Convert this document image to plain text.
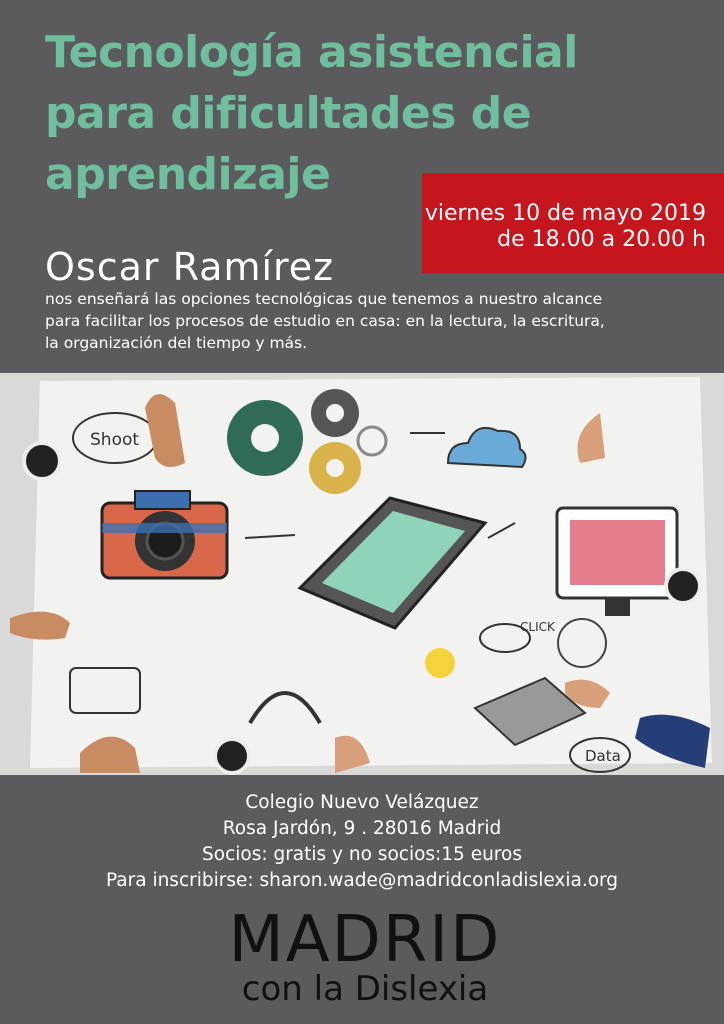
Tecnología asistencial
para dificultades de
aprendizaje
viernes 10 de mayo 2019
de 18.00 a 20.00 h
Oscar Ramírez
nos enseñará las opciones tecnológicas que tenemos a nuestro alcance
para facilitar los procesos de estudio en casa: en la lectura, la escritura,
la organización del tiempo y más.
Shoot
CLICK
Data
Colegio Nuevo Velázquez
Rosa Jardón, 9 . 28016 Madrid
Socios: gratis y no socios:15 euros
Para inscribirse: sharon.wade@madridconladislexia.org
MADRID
con la Dislexia
